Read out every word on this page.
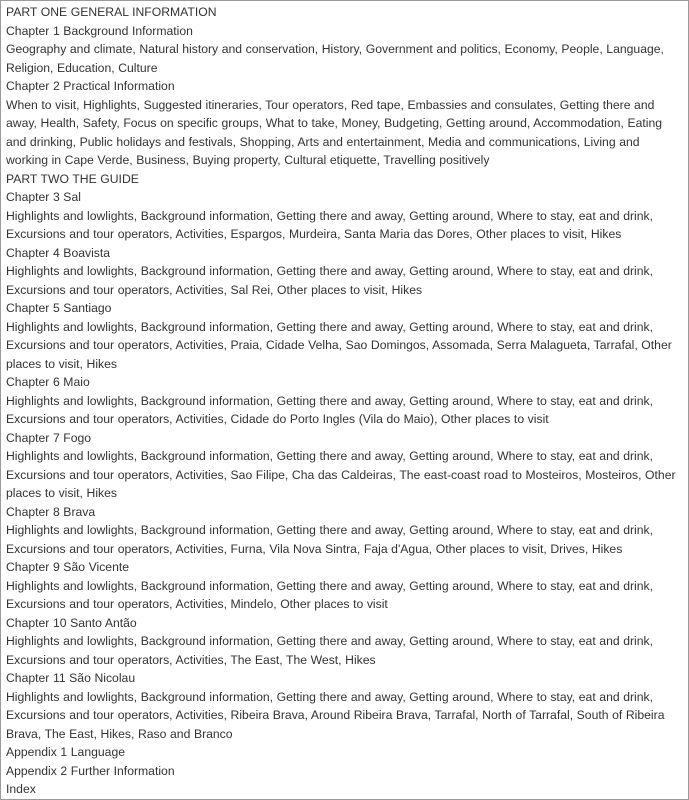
PART ONE GENERAL INFORMATION
Chapter 1 Background Information
Geography and climate, Natural history and conservation, History, Government and politics, Economy, People, Language, Religion, Education, Culture
Chapter 2 Practical Information
When to visit, Highlights, Suggested itineraries, Tour operators, Red tape, Embassies and consulates, Getting there and away, Health, Safety, Focus on specific groups, What to take, Money, Budgeting, Getting around, Accommodation, Eating and drinking, Public holidays and festivals, Shopping, Arts and entertainment, Media and communications, Living and working in Cape Verde, Business, Buying property, Cultural etiquette, Travelling positively
PART TWO THE GUIDE
Chapter 3 Sal
Highlights and lowlights, Background information, Getting there and away, Getting around, Where to stay, eat and drink, Excursions and tour operators, Activities, Espargos, Murdeira, Santa Maria das Dores, Other places to visit, Hikes
Chapter 4 Boavista
Highlights and lowlights, Background information, Getting there and away, Getting around, Where to stay, eat and drink, Excursions and tour operators, Activities, Sal Rei, Other places to visit, Hikes
Chapter 5 Santiago
Highlights and lowlights, Background information, Getting there and away, Getting around, Where to stay, eat and drink, Excursions and tour operators, Activities, Praia, Cidade Velha, Sao Domingos, Assomada, Serra Malagueta, Tarrafal, Other places to visit, Hikes
Chapter 6 Maio
Highlights and lowlights, Background information, Getting there and away, Getting around, Where to stay, eat and drink, Excursions and tour operators, Activities, Cidade do Porto Ingles (Vila do Maio), Other places to visit
Chapter 7 Fogo
Highlights and lowlights, Background information, Getting there and away, Getting around, Where to stay, eat and drink, Excursions and tour operators, Activities, Sao Filipe, Cha das Caldeiras, The east-coast road to Mosteiros, Mosteiros, Other places to visit, Hikes
Chapter 8 Brava
Highlights and lowlights, Background information, Getting there and away, Getting around, Where to stay, eat and drink, Excursions and tour operators, Activities, Furna, Vila Nova Sintra, Faja d'Agua, Other places to visit, Drives, Hikes
Chapter 9 São Vicente
Highlights and lowlights, Background information, Getting there and away, Getting around, Where to stay, eat and drink, Excursions and tour operators, Activities, Mindelo, Other places to visit
Chapter 10 Santo Antão
Highlights and lowlights, Background information, Getting there and away, Getting around, Where to stay, eat and drink, Excursions and tour operators, Activities, The East, The West, Hikes
Chapter 11 São Nicolau
Highlights and lowlights, Background information, Getting there and away, Getting around, Where to stay, eat and drink, Excursions and tour operators, Activities, Ribeira Brava, Around Ribeira Brava, Tarrafal, North of Tarrafal, South of Ribeira Brava, The East, Hikes, Raso and Branco
Appendix 1 Language
Appendix 2 Further Information
Index
